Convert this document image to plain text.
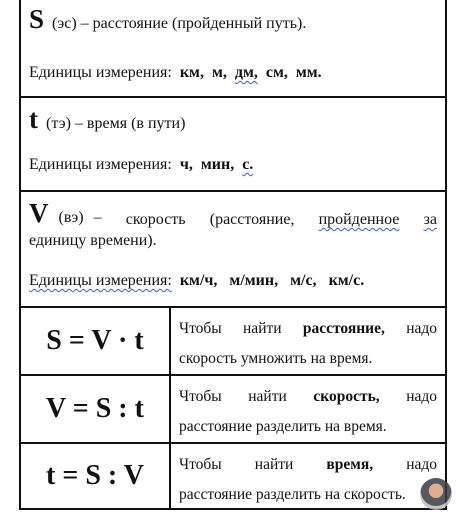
S (эс) – расстояние (пройденный путь).
Единицы измерения: км, м, дм, см, мм.
t (тэ) – время (в пути)
Единицы измерения: ч, мин, с.
V (вэ) – скорость (расстояние, пройденное за
единицу времени).
Единицы измерения: км/ч, м/мин, м/с, км/с.
S = V · t Чтобы найти расстояние, надо
скорость умножить на время.
V = S : t Чтобы найти скорость, надо
расстояние разделить на время.
t = S : V Чтобы найти время, надо
расстояние разделить на скорость.
